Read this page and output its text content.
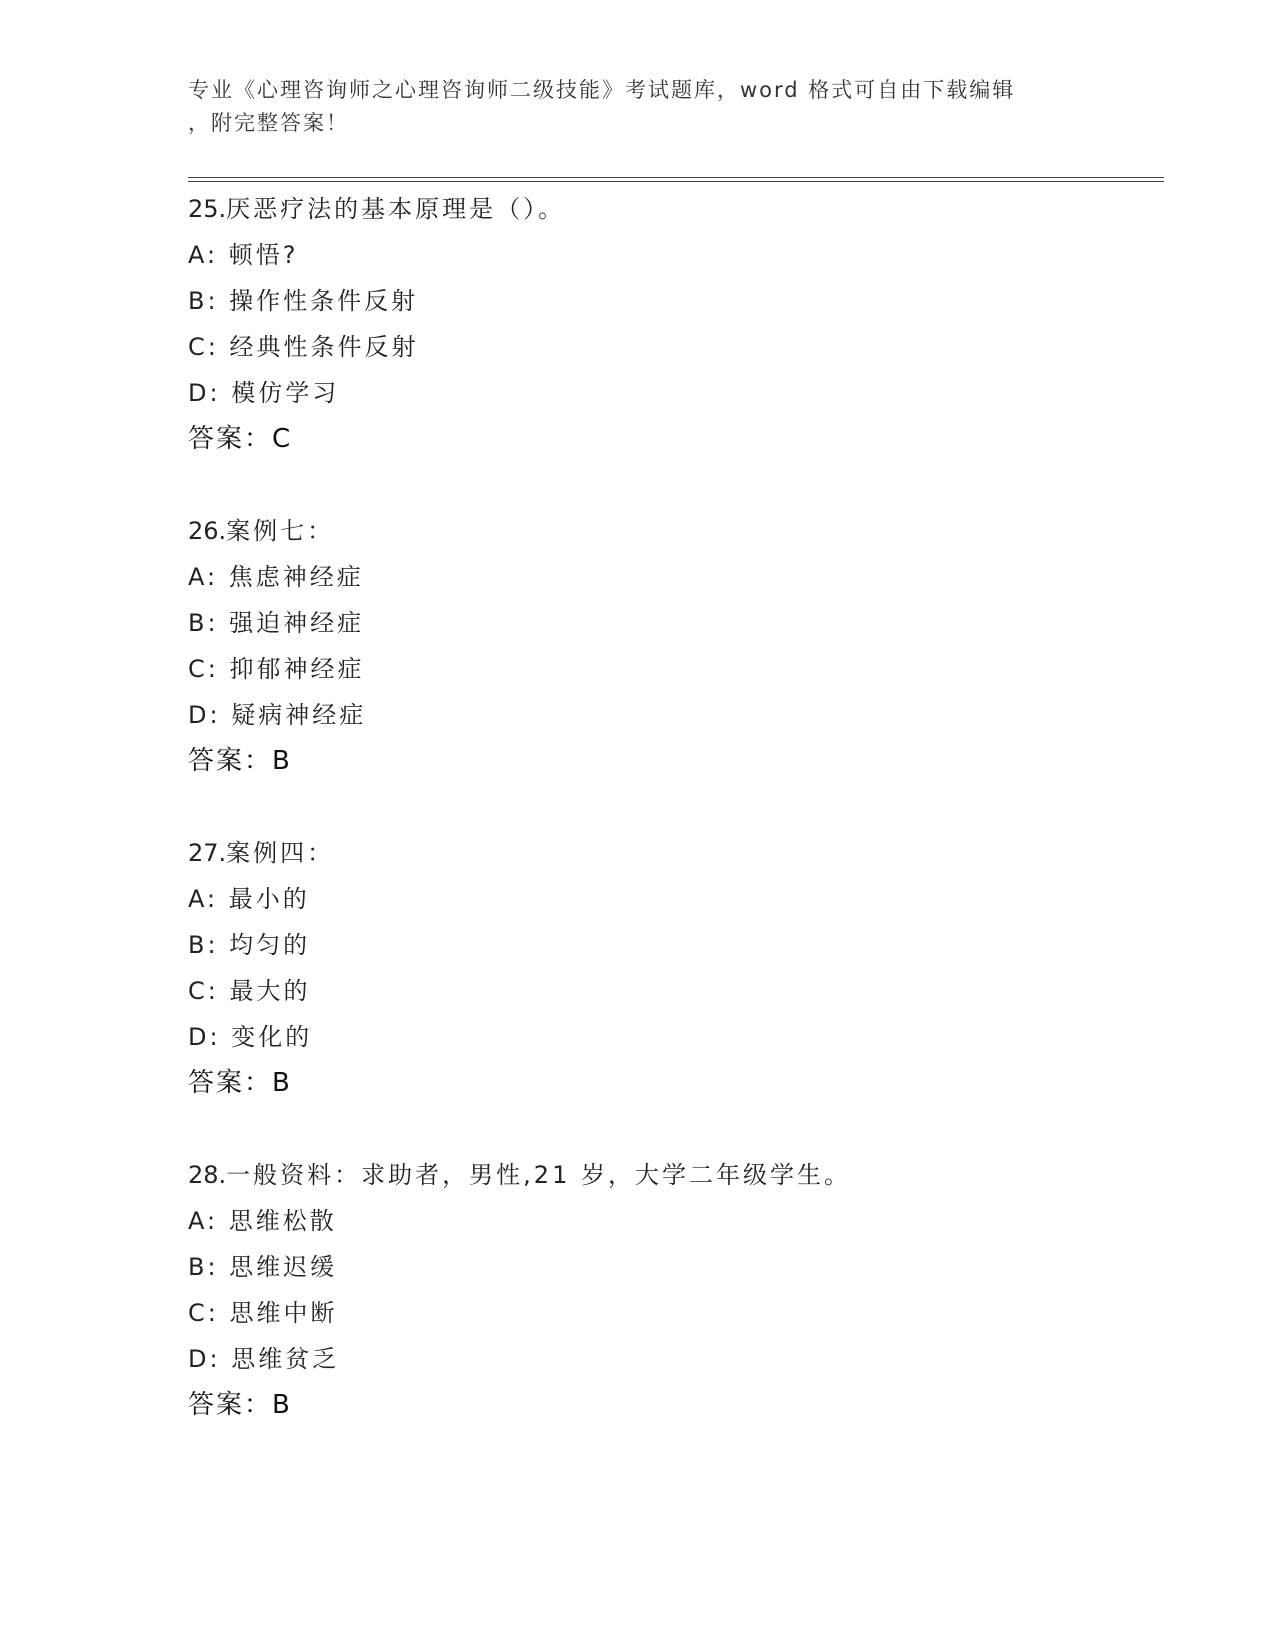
专业《心理咨询师之心理咨询师二级技能》考试题库，word 格式可自由下载编辑
，附完整答案！
25.厌恶疗法的基本原理是（）。
A: 顿悟?
B: 操作性条件反射
C: 经典性条件反射
D: 模仿学习
答案：C
26.案例七：
A: 焦虑神经症
B: 强迫神经症
C: 抑郁神经症
D: 疑病神经症
答案：B
27.案例四：
A: 最小的
B: 均匀的
C: 最大的
D: 变化的
答案：B
28.一般资料：求助者，男性,21 岁，大学二年级学生。
A: 思维松散
B: 思维迟缓
C: 思维中断
D: 思维贫乏
答案：B
